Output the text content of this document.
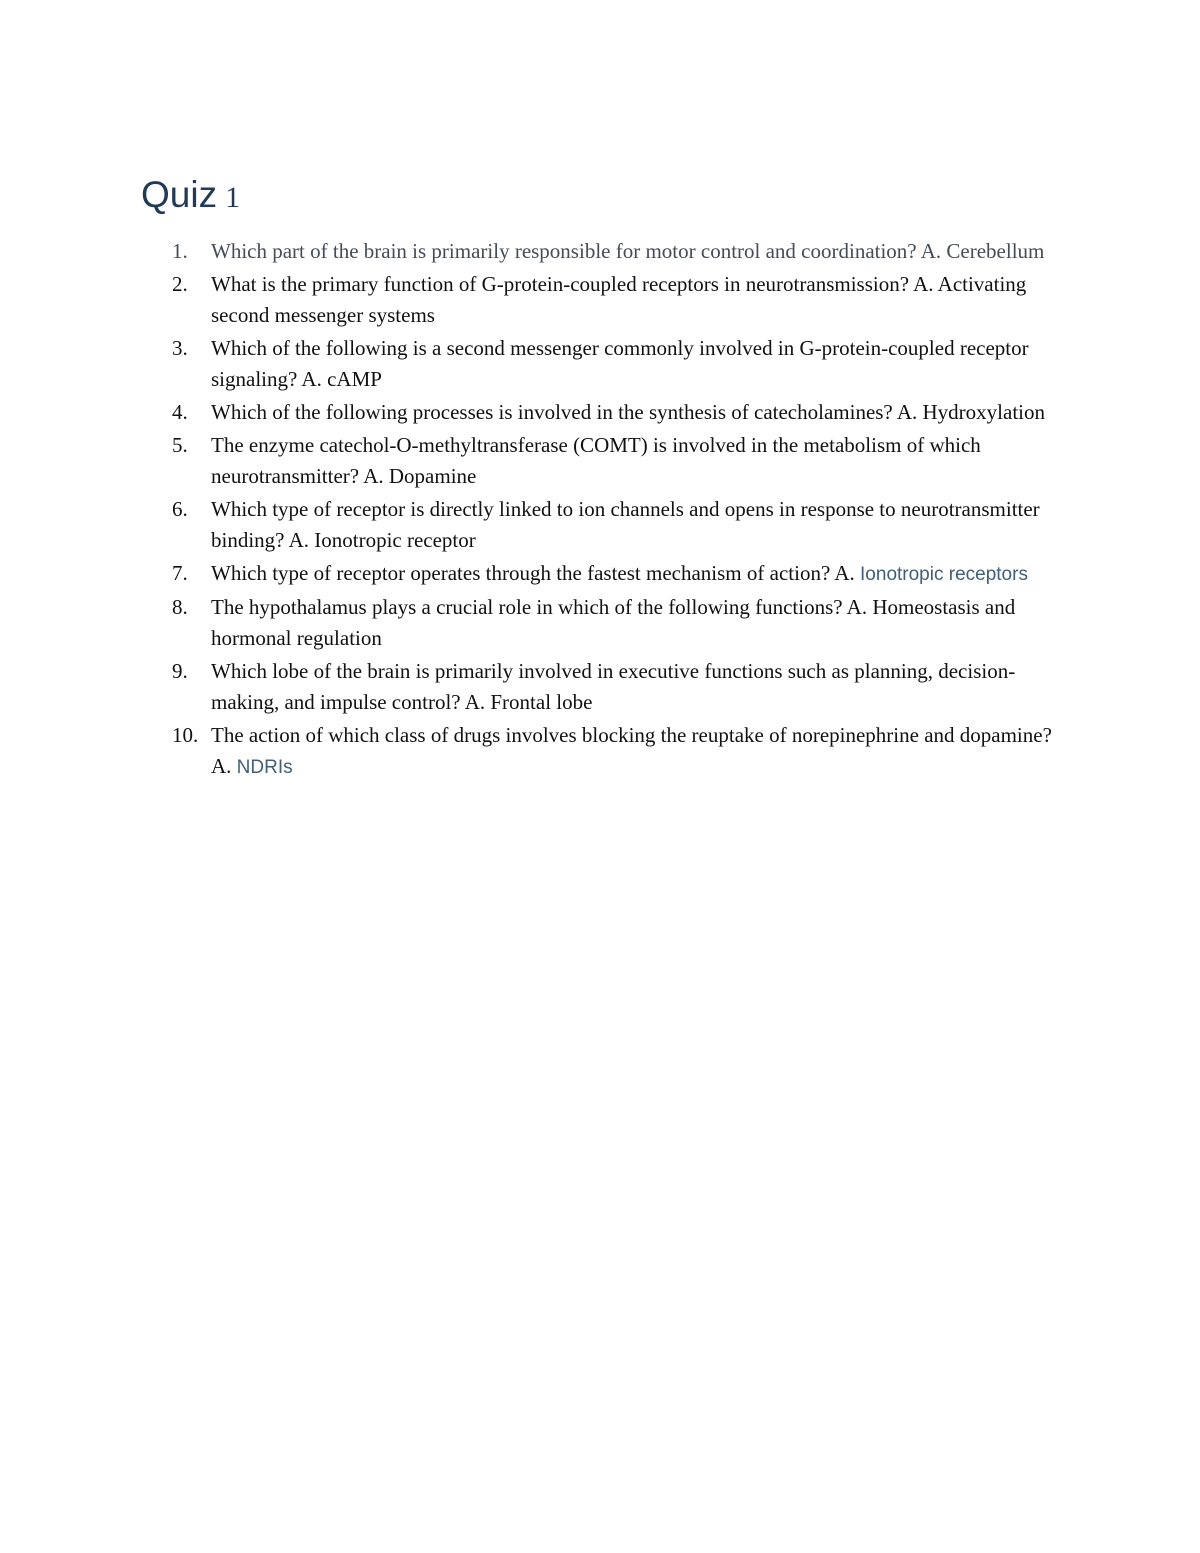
Quiz 1
1.	Which part of the brain is primarily responsible for motor control and coordination? A. Cerebellum
2.	What is the primary function of G-protein-coupled receptors in neurotransmission? A. Activating second messenger systems
3.	Which of the following is a second messenger commonly involved in G-protein-coupled receptor signaling? A. cAMP
4.	Which of the following processes is involved in the synthesis of catecholamines? A. Hydroxylation
5.	The enzyme catechol-O-methyltransferase (COMT) is involved in the metabolism of which neurotransmitter? A. Dopamine
6.	Which type of receptor is directly linked to ion channels and opens in response to neurotransmitter binding? A. Ionotropic receptor
7.	Which type of receptor operates through the fastest mechanism of action? A. Ionotropic receptors
8.	The hypothalamus plays a crucial role in which of the following functions? A. Homeostasis and hormonal regulation
9.	Which lobe of the brain is primarily involved in executive functions such as planning, decision-making, and impulse control? A. Frontal lobe
10. The action of which class of drugs involves blocking the reuptake of norepinephrine and dopamine? A. NDRIs
